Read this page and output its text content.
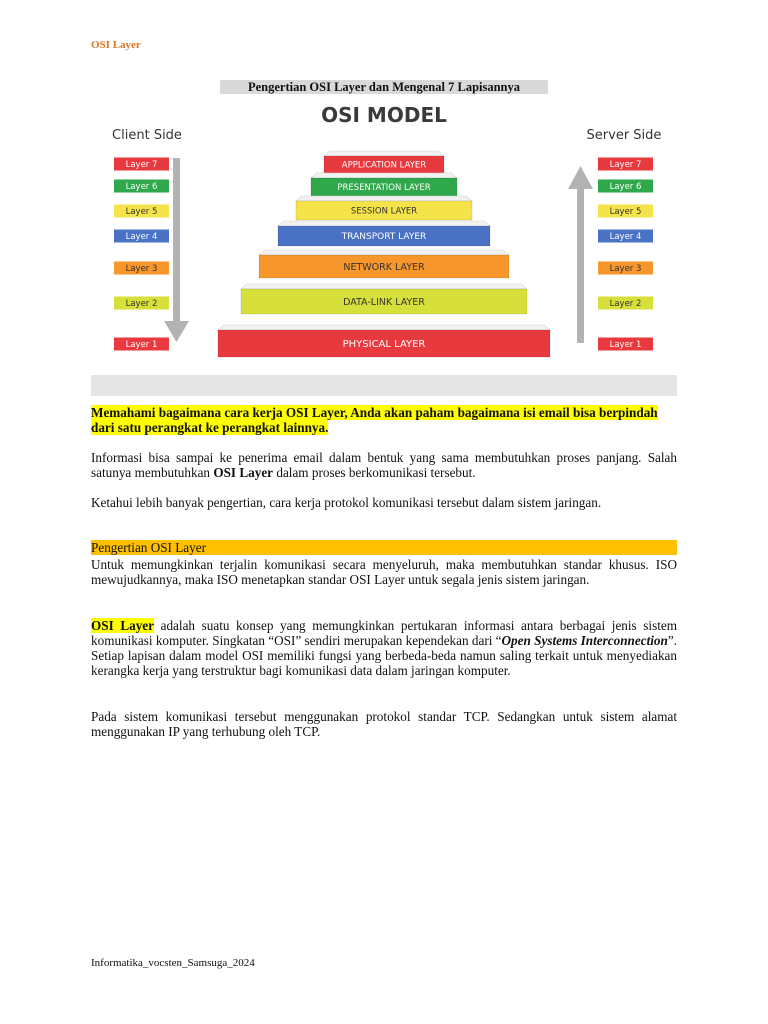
OSI Layer
Pengertian OSI Layer dan Mengenal 7 Lapisannya
OSI MODEL
Client Side	Server Side
APPLICATION LAYER
PRESENTATION LAYER
SESSION LAYER
TRANSPORT LAYER
NETWORK LAYER
DATA-LINK LAYER
PHYSICAL LAYER
Layer 7
Layer 6
Layer 5
Layer 4
Layer 3
Layer 2
Layer 1
Layer 7
Layer 6
Layer 5
Layer 4
Layer 3
Layer 2
Layer 1
Memahami bagaimana cara kerja OSI Layer, Anda akan paham bagaimana isi email bisa berpindah dari satu perangkat ke perangkat lainnya.
Informasi bisa sampai ke penerima email dalam bentuk yang sama membutuhkan proses panjang. Salah satunya membutuhkan OSI Layer dalam proses berkomunikasi tersebut.
Ketahui lebih banyak pengertian, cara kerja protokol komunikasi tersebut dalam sistem jaringan.
Pengertian OSI Layer
Untuk memungkinkan terjalin komunikasi secara menyeluruh, maka membutuhkan standar khusus. ISO mewujudkannya, maka ISO menetapkan standar OSI Layer untuk segala jenis sistem jaringan.
OSI Layer adalah suatu konsep yang memungkinkan pertukaran informasi antara berbagai jenis sistem komunikasi komputer. Singkatan “OSI” sendiri merupakan kependekan dari “Open Systems Interconnection”. Setiap lapisan dalam model OSI memiliki fungsi yang berbeda-beda namun saling terkait untuk menyediakan kerangka kerja yang terstruktur bagi komunikasi data dalam jaringan komputer.
Pada sistem komunikasi tersebut menggunakan protokol standar TCP. Sedangkan untuk sistem alamat menggunakan IP yang terhubung oleh TCP.
Informatika_vocsten_Samsuga_2024
